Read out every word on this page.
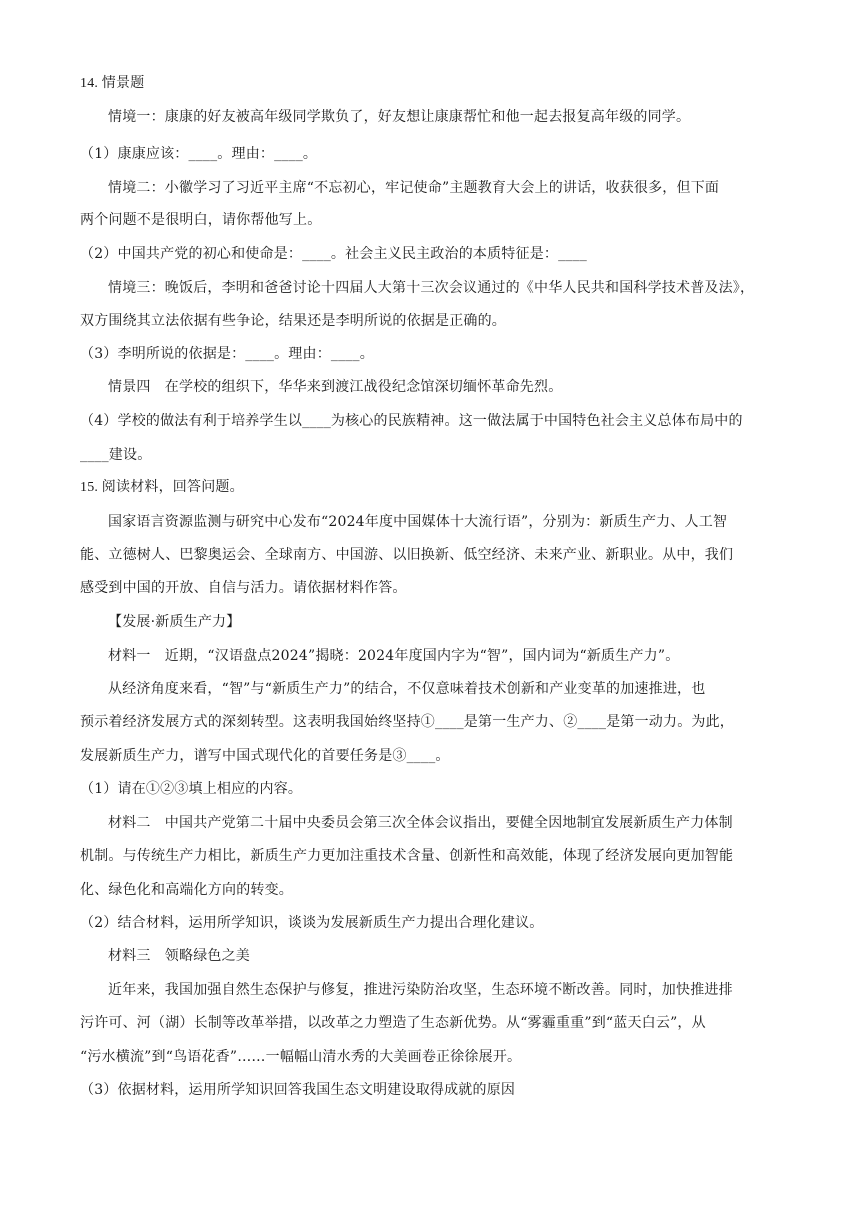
14. 情景题
情境一：康康的好友被高年级同学欺负了，好友想让康康帮忙和他一起去报复高年级的同学。
（1）康康应该：____。理由：____。
情境二：小徽学习了习近平主席“不忘初心，牢记使命”主题教育大会上的讲话，收获很多，但下面
两个问题不是很明白，请你帮他写上。
（2）中国共产党的初心和使命是：____。社会主义民主政治的本质特征是：____
情境三：晚饭后，李明和爸爸讨论十四届人大第十三次会议通过的《中华人民共和国科学技术普及法》，
双方围绕其立法依据有些争论，结果还是李明所说的依据是正确的。
（3）李明所说的依据是：____。理由：____。
情景四　在学校的组织下，华华来到渡江战役纪念馆深切缅怀革命先烈。
（4）学校的做法有利于培养学生以____为核心的民族精神。这一做法属于中国特色社会主义总体布局中的
____建设。
15. 阅读材料，回答问题。
国家语言资源监测与研究中心发布“2024年度中国媒体十大流行语”，分别为：新质生产力、人工智
能、立德树人、巴黎奥运会、全球南方、中国游、以旧换新、低空经济、未来产业、新职业。从中，我们
感受到中国的开放、自信与活力。请依据材料作答。
【发展·新质生产力】
材料一　近期，“汉语盘点2024”揭晓：2024年度国内字为“智”，国内词为“新质生产力”。
从经济角度来看，“智”与“新质生产力”的结合，不仅意味着技术创新和产业变革的加速推进，也
预示着经济发展方式的深刻转型。这表明我国始终坚持①____是第一生产力、②____是第一动力。为此，
发展新质生产力，谱写中国式现代化的首要任务是③____。
（1）请在①②③填上相应的内容。
材料二　中国共产党第二十届中央委员会第三次全体会议指出，要健全因地制宜发展新质生产力体制
机制。与传统生产力相比，新质生产力更加注重技术含量、创新性和高效能，体现了经济发展向更加智能
化、绿色化和高端化方向的转变。
（2）结合材料，运用所学知识，谈谈为发展新质生产力提出合理化建议。
材料三　领略绿色之美
近年来，我国加强自然生态保护与修复，推进污染防治攻坚，生态环境不断改善。同时，加快推进排
污许可、河（湖）长制等改革举措，以改革之力塑造了生态新优势。从“雾霾重重”到“蓝天白云”，从
“污水横流”到“鸟语花香”……一幅幅山清水秀的大美画卷正徐徐展开。
（3）依据材料，运用所学知识回答我国生态文明建设取得成就的原因
